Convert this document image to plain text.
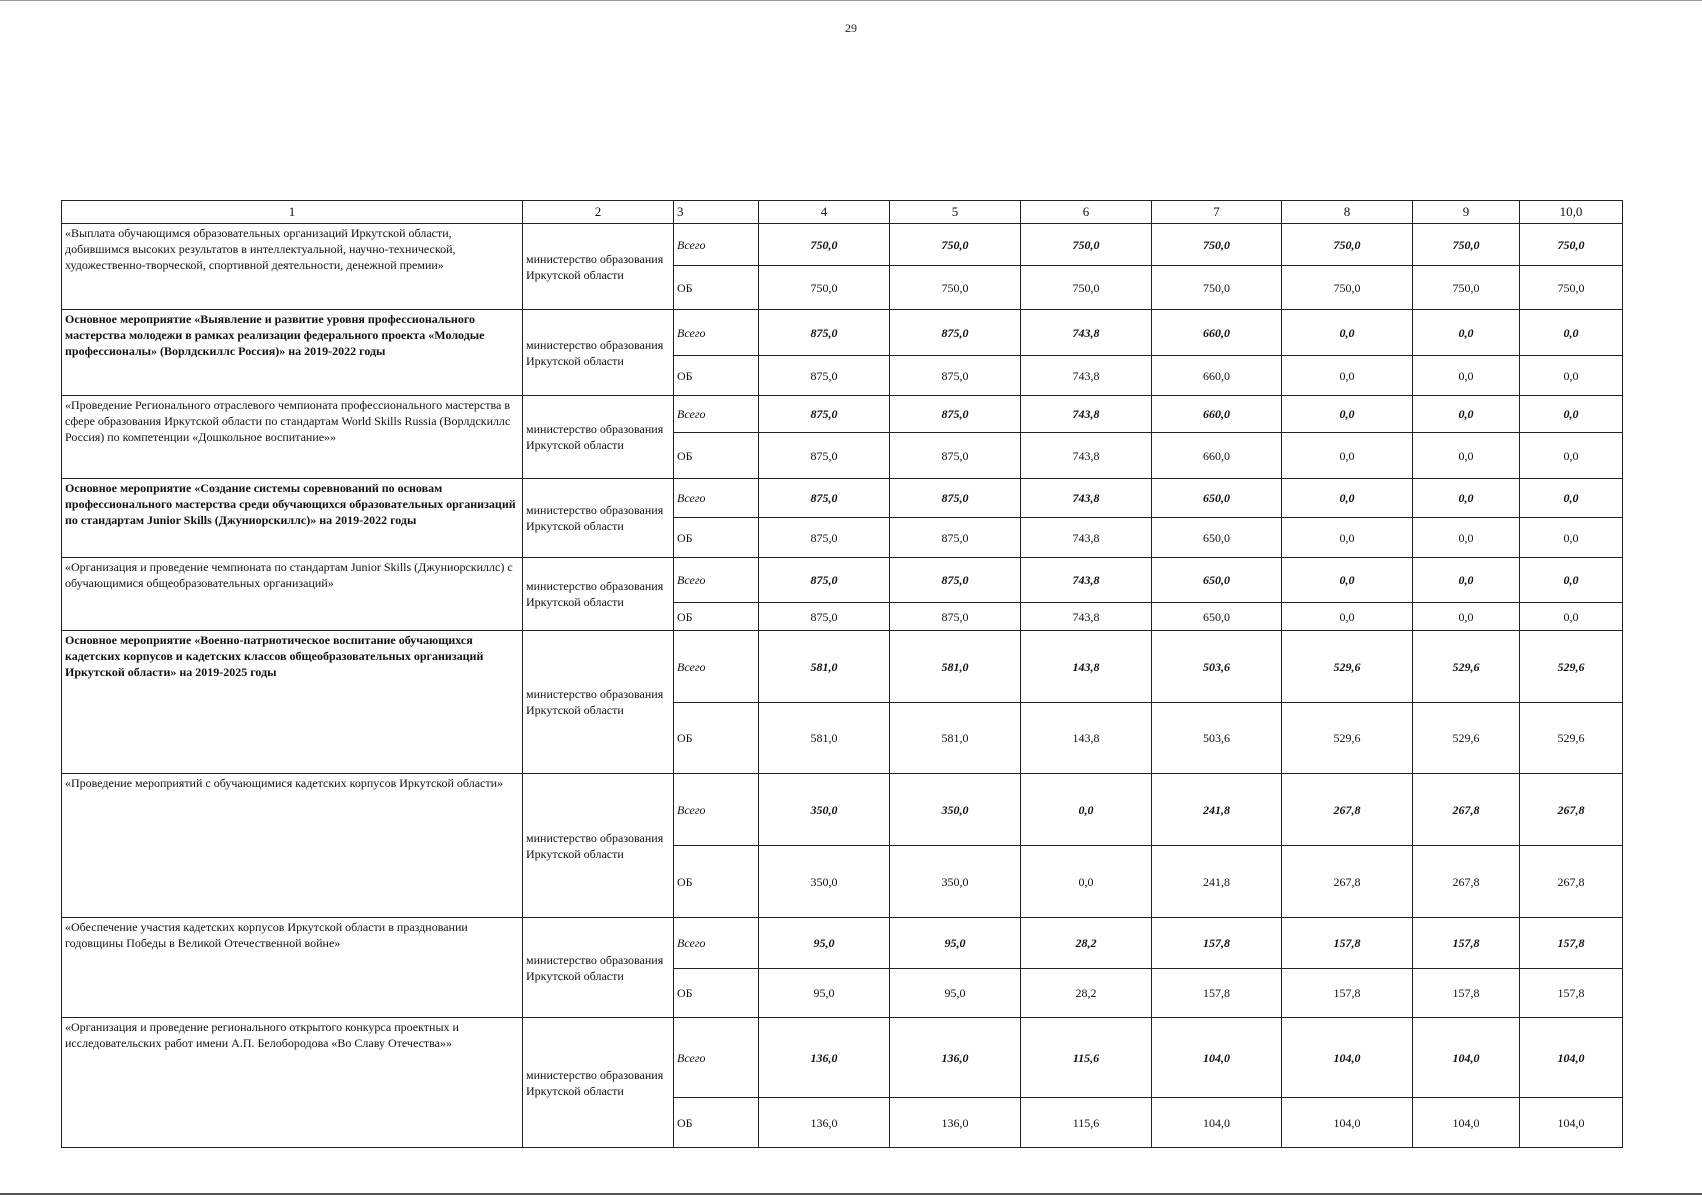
29
1	2	3	4	5	6	7	8	9	10,0
«Выплата обучающимся образовательных организаций Иркутской области, добившимся высоких результатов в интеллектуальной, научно-технической, художественно-творческой, спортивной деятельности, денежной премии»	министерство образования Иркутской области	Всего	750,0	750,0	750,0	750,0	750,0	750,0	750,0
		ОБ	750,0	750,0	750,0	750,0	750,0	750,0	750,0
Основное мероприятие «Выявление и развитие уровня профессионального мастерства молодежи в рамках реализации федерального проекта «Молодые профессионалы» (Ворлдскиллс Россия)» на 2019-2022 годы	министерство образования Иркутской области	Всего	875,0	875,0	743,8	660,0	0,0	0,0	0,0
		ОБ	875,0	875,0	743,8	660,0	0,0	0,0	0,0
«Проведение Регионального отраслевого чемпионата профессионального мастерства в сфере образования Иркутской области по стандартам World Skills Russia (Ворлдскиллс Россия) по компетенции «Дошкольное воспитание»»	министерство образования Иркутской области	Всего	875,0	875,0	743,8	660,0	0,0	0,0	0,0
		ОБ	875,0	875,0	743,8	660,0	0,0	0,0	0,0
Основное мероприятие «Создание системы соревнований по основам профессионального мастерства среди обучающихся образовательных организаций по стандартам Junior Skills (Джуниорскиллс)» на 2019-2022 годы	министерство образования Иркутской области	Всего	875,0	875,0	743,8	650,0	0,0	0,0	0,0
		ОБ	875,0	875,0	743,8	650,0	0,0	0,0	0,0
«Организация и проведение чемпионата по стандартам Junior Skills (Джуниорскиллс) с обучающимися общеобразовательных организаций»	министерство образования Иркутской области	Всего	875,0	875,0	743,8	650,0	0,0	0,0	0,0
		ОБ	875,0	875,0	743,8	650,0	0,0	0,0	0,0
Основное мероприятие «Военно-патриотическое воспитание обучающихся кадетских корпусов и кадетских классов общеобразовательных организаций Иркутской области» на 2019-2025 годы	министерство образования Иркутской области	Всего	581,0	581,0	143,8	503,6	529,6	529,6	529,6
		ОБ	581,0	581,0	143,8	503,6	529,6	529,6	529,6
«Проведение мероприятий с обучающимися кадетских корпусов Иркутской области»	министерство образования Иркутской области	Всего	350,0	350,0	0,0	241,8	267,8	267,8	267,8
		ОБ	350,0	350,0	0,0	241,8	267,8	267,8	267,8
«Обеспечение участия кадетских корпусов Иркутской области в праздновании годовщины Победы в Великой Отечественной войне»	министерство образования Иркутской области	Всего	95,0	95,0	28,2	157,8	157,8	157,8	157,8
		ОБ	95,0	95,0	28,2	157,8	157,8	157,8	157,8
«Организация и проведение регионального открытого конкурса проектных и исследовательских работ имени А.П. Белобородова «Во Славу Отечества»»	министерство образования Иркутской области	Всего	136,0	136,0	115,6	104,0	104,0	104,0	104,0
		ОБ	136,0	136,0	115,6	104,0	104,0	104,0	104,0
